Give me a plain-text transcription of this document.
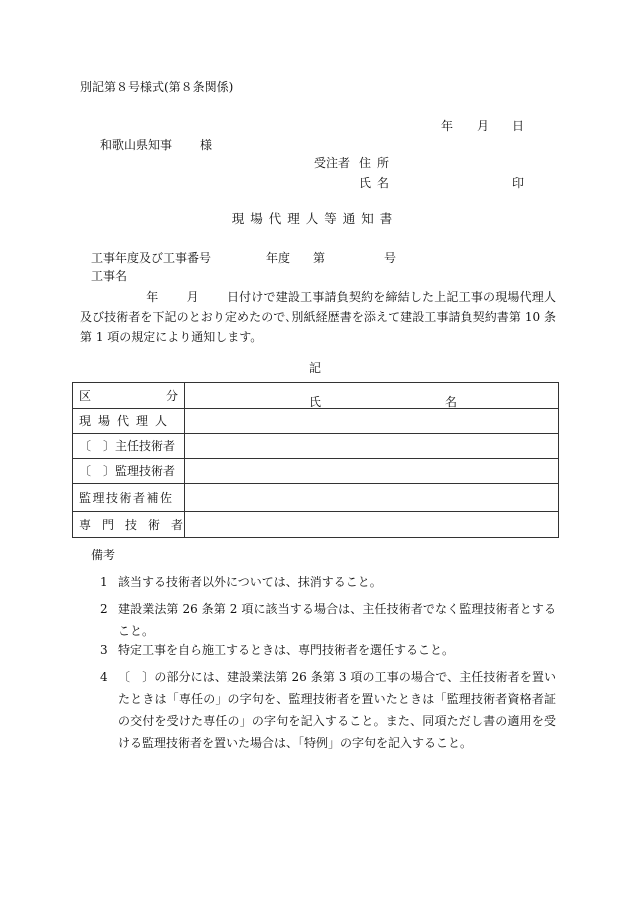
別記第８号様式(第８条関係)
年 月 日
和歌山県知事 様
受注者 住所
氏名	印
現場代理人等通知書
工事年度及び工事番号	年度 第	号
工事名
年 月 日付けで建設工事請負契約を締結した上記工事の現場代理人及び技術者を下記のとおり定めたので､別紙経歴書を添えて建設工事請負契約書第 10 条第 1 項の規定により通知します。
記
区 分	氏 名

現場代理人	
〔　〕主任技術者	
〔　〕監理技術者	
監理技術者補佐	
専門技術者	
備考
1 該当する技術者以外については、抹消すること。
2 建設業法第 26 条第 2 項に該当する場合は、主任技術者でなく監理技術者とすること。
3 特定工事を自ら施工するときは、専門技術者を選任すること。
4 〔　〕の部分には、建設業法第 26 条第 3 項の工事の場合で、主任技術者を置いたときは「専任の」の字句を、監理技術者を置いたときは「監理技術者資格者証の交付を受けた専任の」の字句を記入すること。また、同項ただし書の適用を受ける監理技術者を置いた場合は、「特例」の字句を記入すること。
